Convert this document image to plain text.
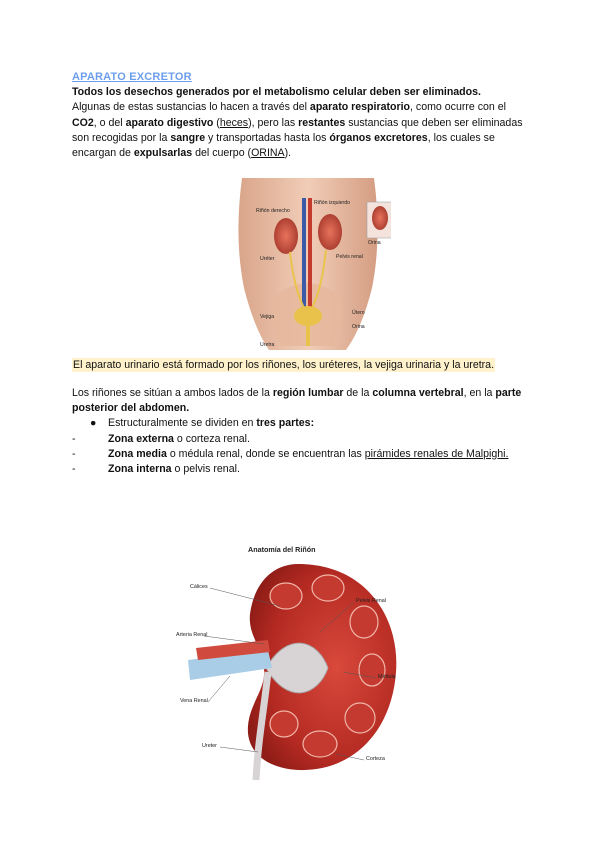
APARATO EXCRETOR

Todos los desechos generados por el metabolismo celular deben ser eliminados.

Algunas de estas sustancias lo hacen a través del aparato respiratorio, como ocurre con el CO2, o del aparato digestivo (heces), pero las restantes sustancias que deben ser eliminadas son recogidas por la sangre y transportadas hasta los órganos excretores, los cuales se encargan de expulsarlas del cuerpo (ORINA).

Riñón derecho
Riñón izquierdo
Uréter	Pelvis renal
Vejiga
Útero
Orina
Uretra
Orina
El aparato urinario está formado por los riñones, los uréteres, la vejiga urinaria y la uretra.

Los riñones se sitúan a ambos lados de la región lumbar de la columna vertebral, en la parte posterior del abdomen.

●	Estructuralmente se dividen en tres partes:
-	Zona externa o corteza renal.
-	Zona media o médula renal, donde se encuentran las pirámides renales de Malpighi.
-	Zona interna o pelvis renal.
Anatomía del Riñón
Cálices
Pelvis Renal
Arteria Renal
Médula
Vena Renal
Ureter
Corteza
